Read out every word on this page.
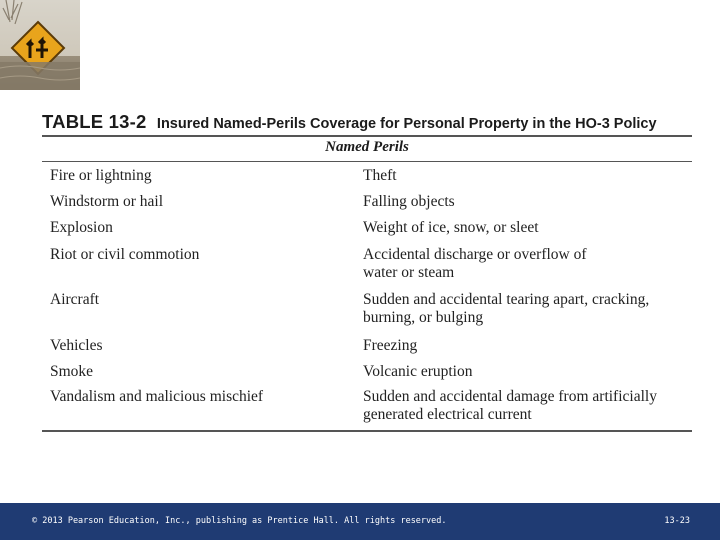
TABLE 13-2 Insured Named-Perils Coverage for Personal Property in the HO-3 Policy
Named Perils
Fire or lightning	Theft
Windstorm or hail	Falling objects
Explosion	Weight of ice, snow, or sleet
Riot or civil commotion	Accidental discharge or overflow of water or steam
Aircraft	Sudden and accidental tearing apart, cracking, burning, or bulging
Vehicles	Freezing
Smoke	Volcanic eruption
Vandalism and malicious mischief	Sudden and accidental damage from artificially generated electrical current
© 2013 Pearson Education, Inc., publishing as Prentice Hall. All rights reserved.	13-23
